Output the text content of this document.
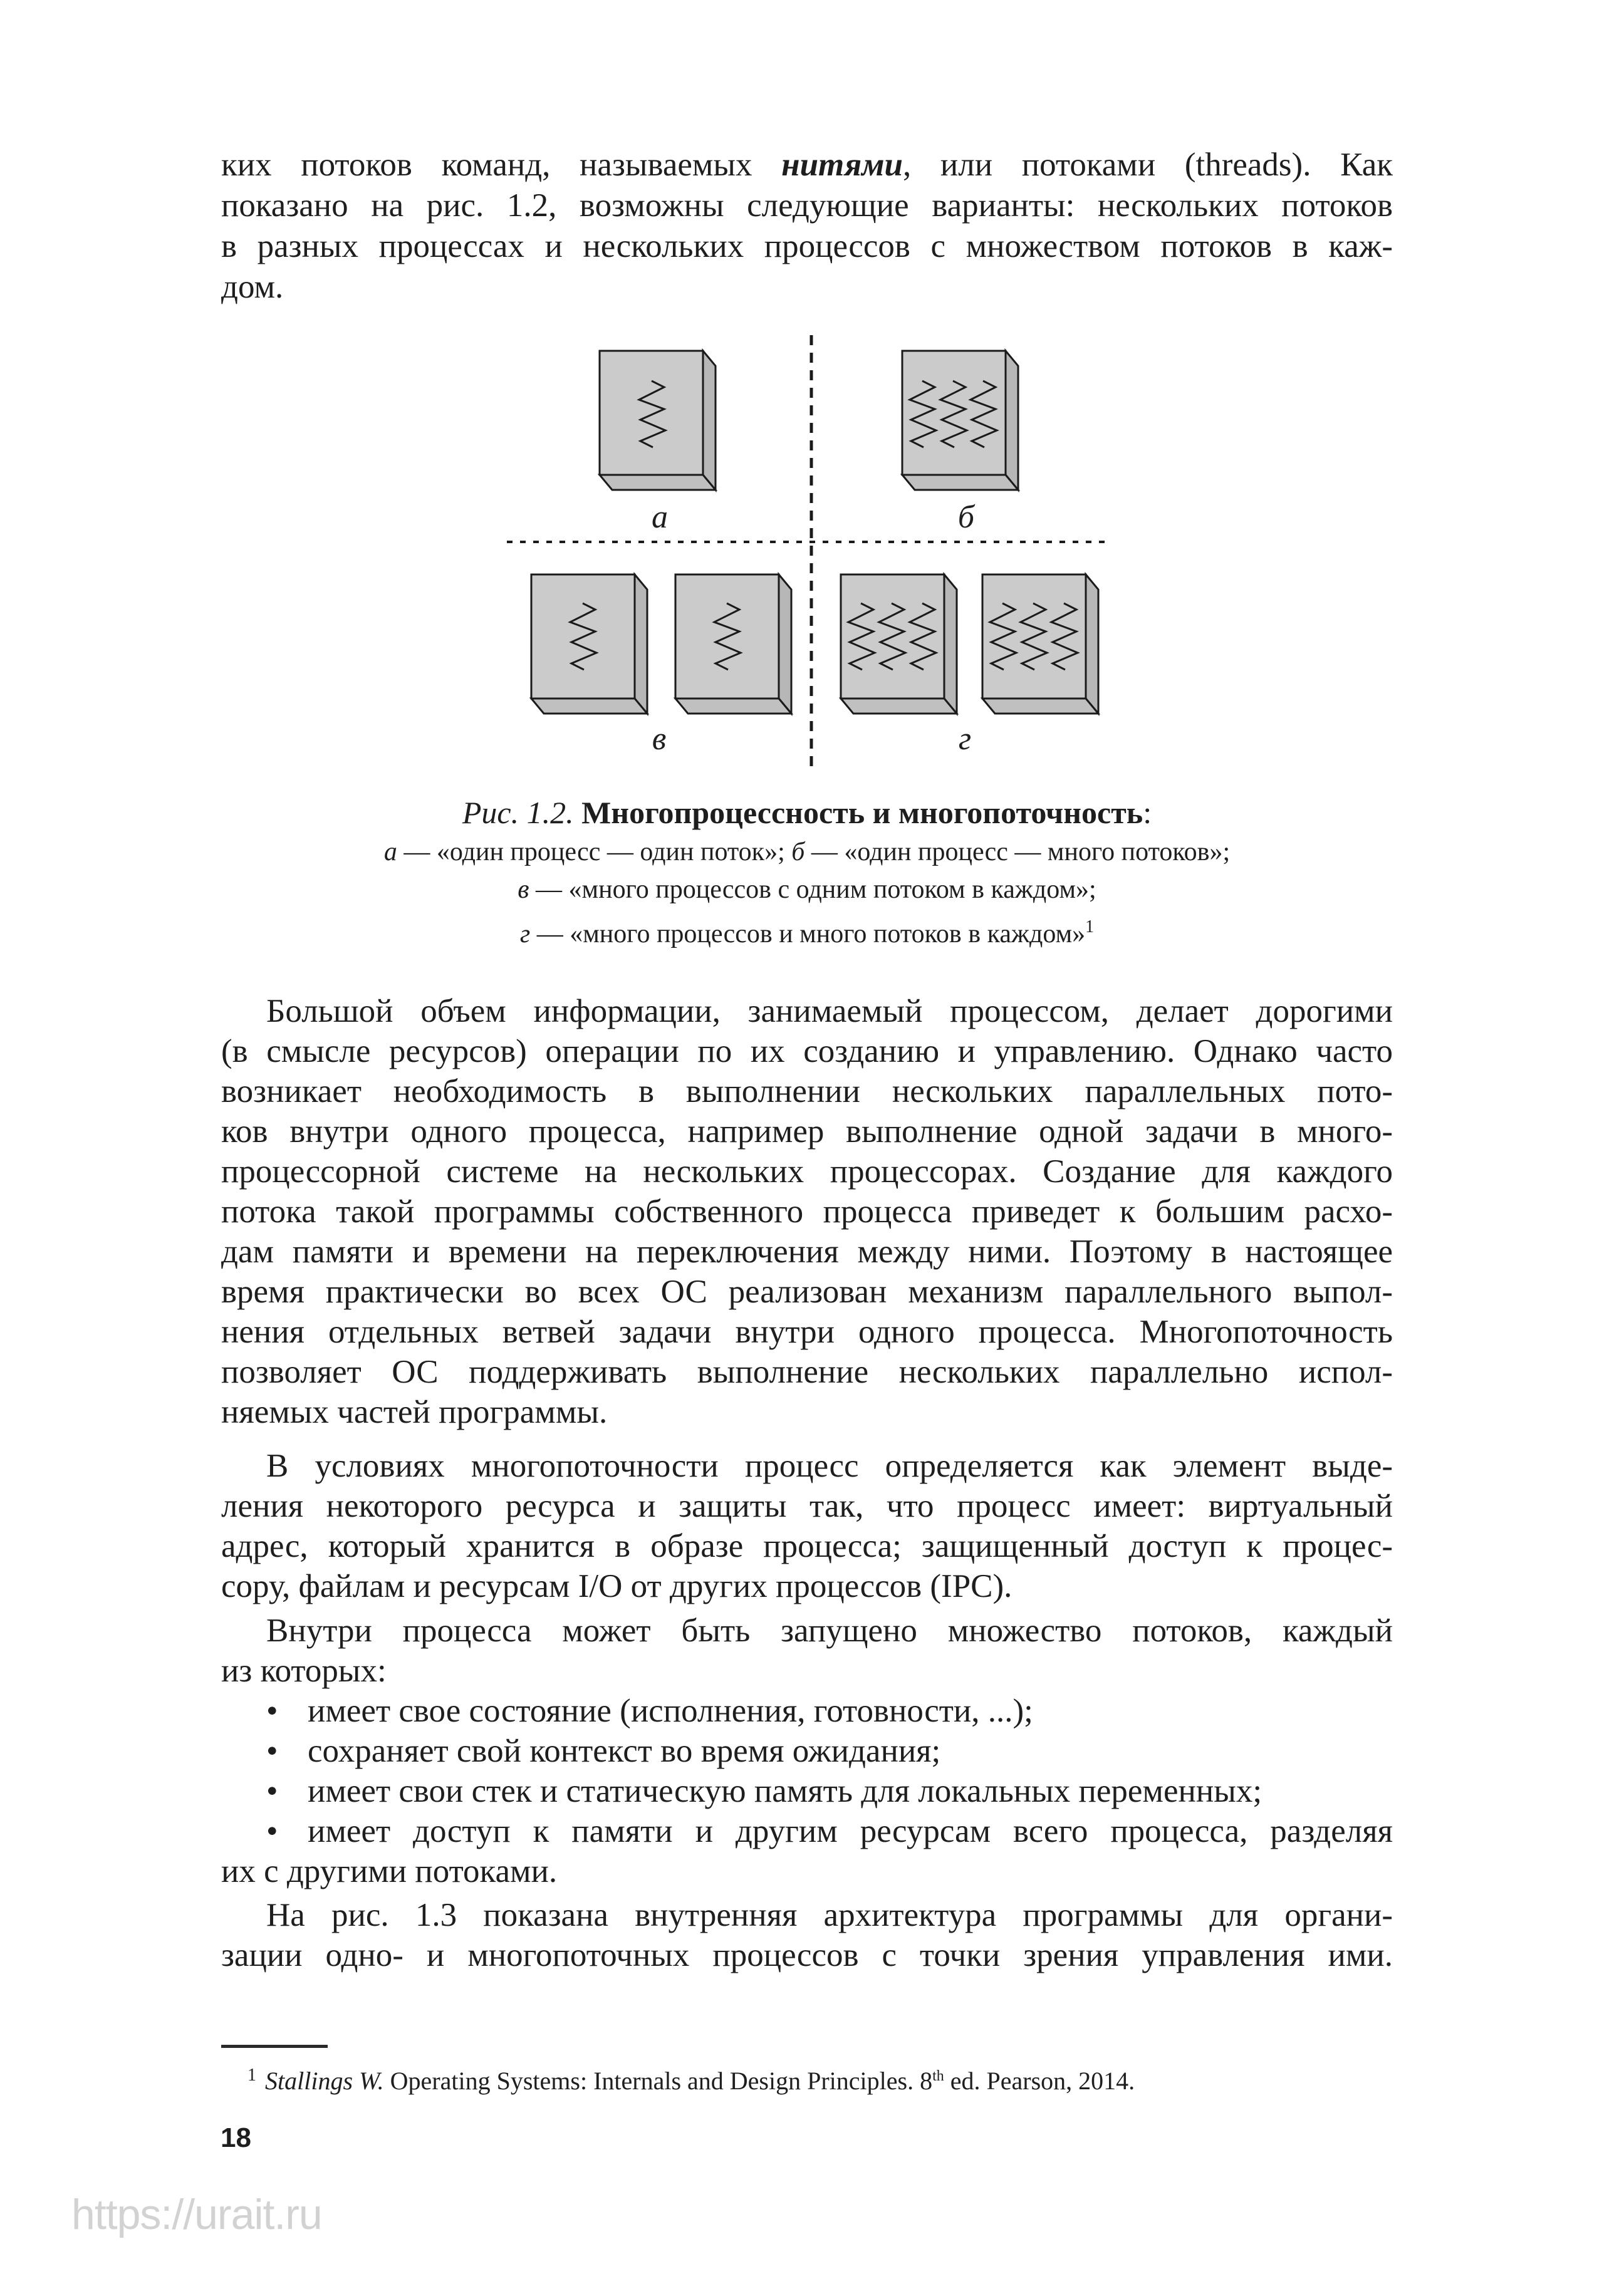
ких потоков команд, называемых нитями, или потоками (threads). Как
показано на рис. 1.2, возможны следующие варианты: нескольких потоков
в разных процессах и нескольких процессов с множеством потоков в каж-
дом.
а	б
в	г
Рис. 1.2. Многопроцессность и многопоточность:
а — «один процесс — один поток»; б — «один процесс — много потоков»;
в — «много процессов с одним потоком в каждом»;
г — «много процессов и много потоков в каждом»$^1$
Большой объем информации, занимаемый процессом, делает дорогими
(в смысле ресурсов) операции по их созданию и управлению. Однако часто
возникает необходимость в выполнении нескольких параллельных пото-
ков внутри одного процесса, например выполнение одной задачи в много-
процессорной системе на нескольких процессорах. Создание для каждого
потока такой программы собственного процесса приведет к большим расхо-
дам памяти и времени на переключения между ними. Поэтому в настоящее
время практически во всех ОС реализован механизм параллельного выпол-
нения отдельных ветвей задачи внутри одного процесса. Многопоточность
позволяет ОС поддерживать выполнение нескольких параллельно испол-
няемых частей программы.
В условиях многопоточности процесс определяется как элемент выде-
ления некоторого ресурса и защиты так, что процесс имеет: виртуальный
адрес, который хранится в образе процесса; защищенный доступ к процес-
сору, файлам и ресурсам I/O от других процессов (IPC).
Внутри процесса может быть запущено множество потоков, каждый
из которых:
• имеет свое состояние (исполнения, готовности, ...);
• сохраняет свой контекст во время ожидания;
• имеет свои стек и статическую память для локальных переменных;
• имеет доступ к памяти и другим ресурсам всего процесса, разделяя
их с другими потоками.
На рис. 1.3 показана внутренняя архитектура программы для органи-
зации одно- и многопоточных процессов с точки зрения управления ими.
$^1$ Stallings W. Operating Systems: Internals and Design Principles. 8th ed. Pearson, 2014.
18
https://urait.ru
